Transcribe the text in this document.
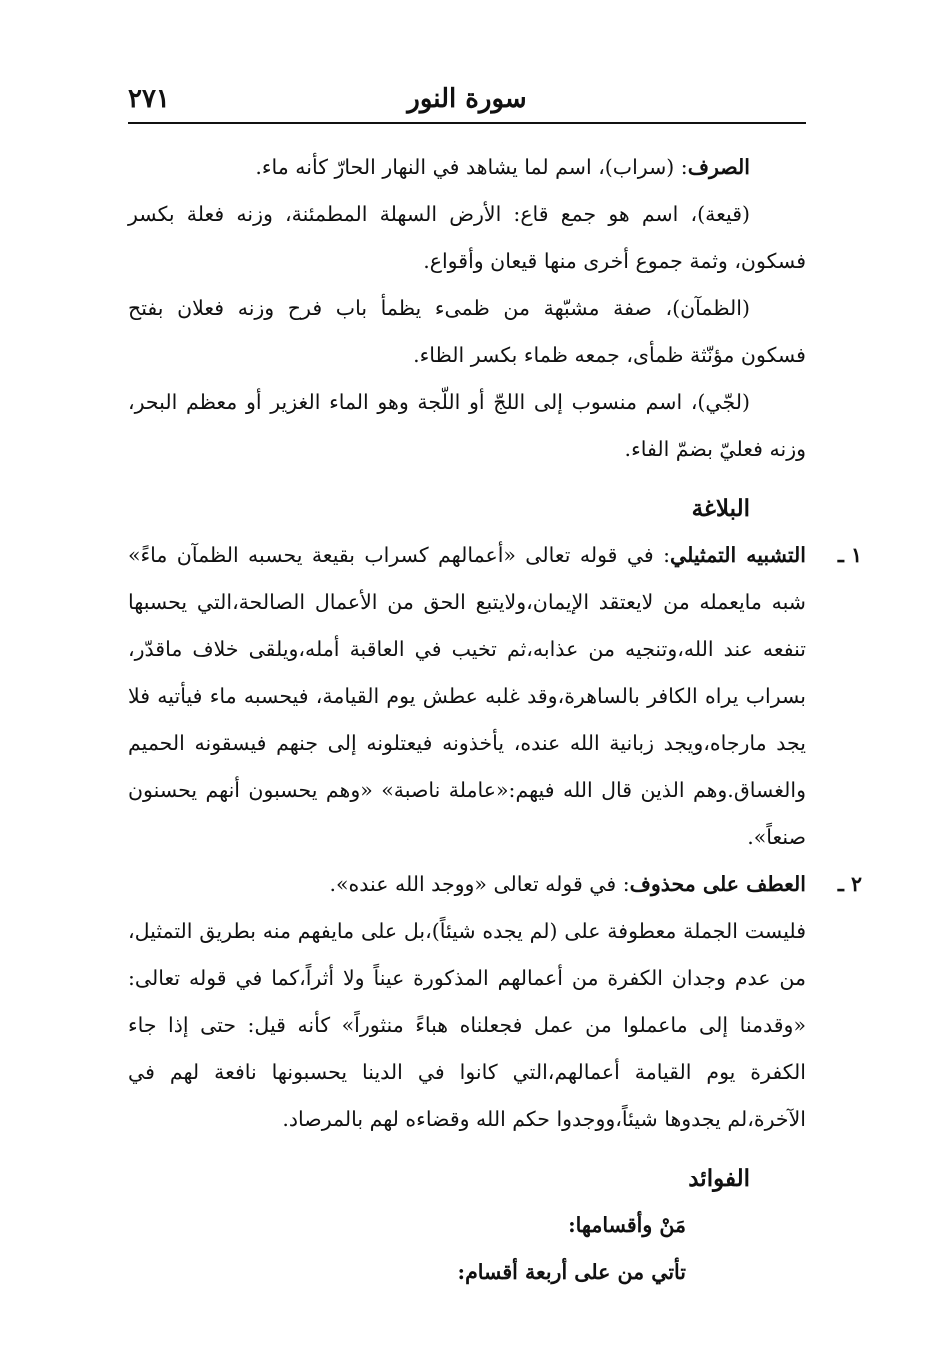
سورة النور
٢٧١

الصرف: (سراب)، اسم لما يشاهد في النهار الحارّ كأنه ماء.

(قيعة)، اسم هو جمع قاع: الأرض السهلة المطمئنة، وزنه فعلة بكسر فسكون، وثمة جموع أخرى منها قيعان وأقواع.

(الظمآن)، صفة مشبّهة من ظمىء يظمأ باب فرح وزنه فعلان بفتح فسكون مؤنّثة ظمأى، جمعه ظماء بكسر الظاء.

(لجّي)، اسم منسوب إلى اللجّ أو اللّجة وهو الماء الغزير أو معظم البحر، وزنه فعليّ بضمّ الفاء.

البلاغة

١ ـالتشبيه التمثيلي: في قوله تعالى «أعمالهم كسراب بقيعة يحسبه الظمآن ماءً» شبه مايعمله من لايعتقد الإيمان،ولايتبع الحق من الأعمال الصالحة،التي يحسبها تنفعه عند الله،وتنجيه من عذابه،ثم تخيب في العاقبة أمله،ويلقى خلاف ماقدّر، بسراب يراه الكافر بالساهرة،وقد غلبه عطش يوم القيامة، فيحسبه ماء فيأتيه فلا يجد مارجاه،ويجد زبانية الله عنده، يأخذونه فيعتلونه إلى جنهم فيسقونه الحميم والغساق.وهم الذين قال الله فيهم:«عاملة ناصبة» «وهم يحسبون أنهم يحسنون صنعاً».

٢ ـالعطف على محذوف: في قوله تعالى «ووجد الله عنده».

فليست الجملة معطوفة على (لم يجده شيئاً)،بل على مايفهم منه بطريق التمثيل، من عدم وجدان الكفرة من أعمالهم المذكورة عيناً ولا أثراً،كما في قوله تعالى: «وقدمنا إلى ماعملوا من عمل فجعلناه هباءً منثوراً» كأنه قيل: حتى إذا جاء الكفرة يوم القيامة أعمالهم،التي كانوا في الدينا يحسبونها نافعة لهم في الآخرة،لم يجدوها شيئاً،ووجدوا حكم الله وقضاءه لهم بالمرصاد.

الفوائد

مَنْ وأقسامها:

تأتي من على أربعة أقسام:
